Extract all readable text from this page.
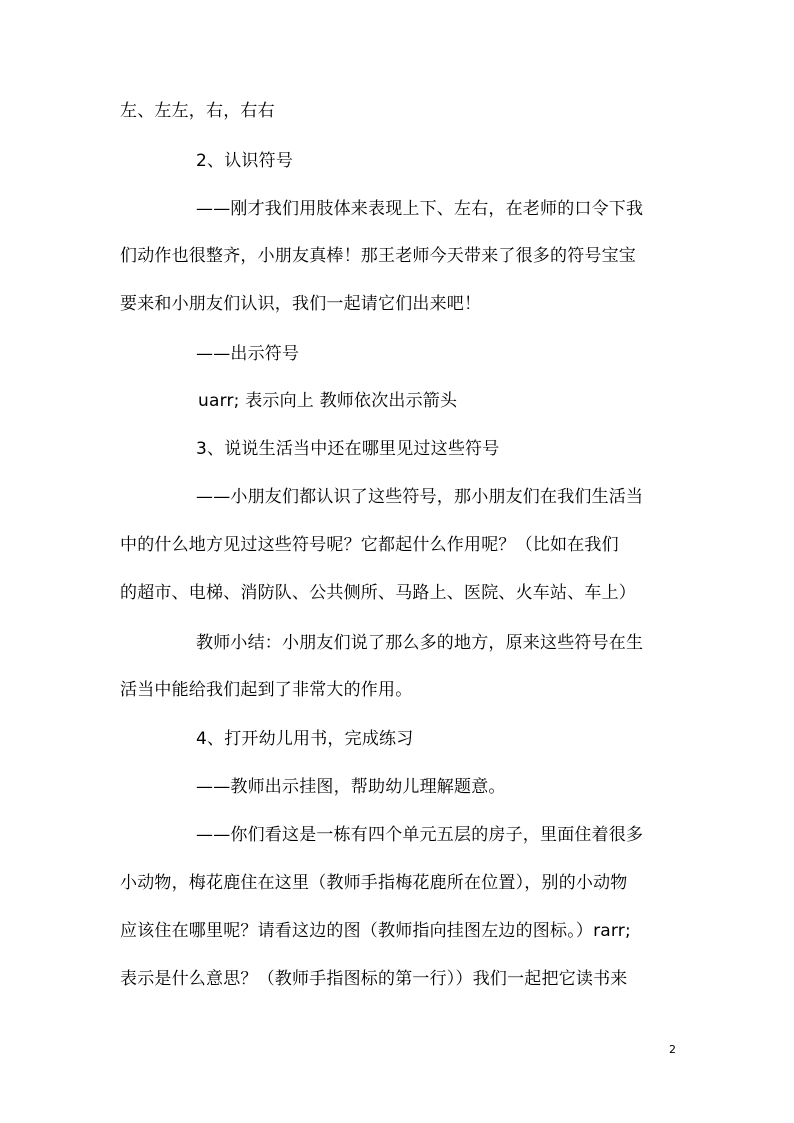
左、左左，右，右右
2、认识符号
——刚才我们用肢体来表现上下、左右，在老师的口令下我
们动作也很整齐，小朋友真棒！那王老师今天带来了很多的符号宝宝
要来和小朋友们认识，我们一起请它们出来吧！
——出示符号
uarr; 表示向上 教师依次出示箭头
3、说说生活当中还在哪里见过这些符号
——小朋友们都认识了这些符号，那小朋友们在我们生活当
中的什么地方见过这些符号呢？它都起什么作用呢？（比如在我们
的超市、电梯、消防队、公共侧所、马路上、医院、火车站、车上）
教师小结：小朋友们说了那么多的地方，原来这些符号在生
活当中能给我们起到了非常大的作用。
4、打开幼儿用书，完成练习
——教师出示挂图，帮助幼儿理解题意。
——你们看这是一栋有四个单元五层的房子，里面住着很多
小动物，梅花鹿住在这里（教师手指梅花鹿所在位置），别的小动物
应该住在哪里呢？请看这边的图（教师指向挂图左边的图标。）rarr;
表示是什么意思？（教师手指图标的第一行））我们一起把它读书来
2
